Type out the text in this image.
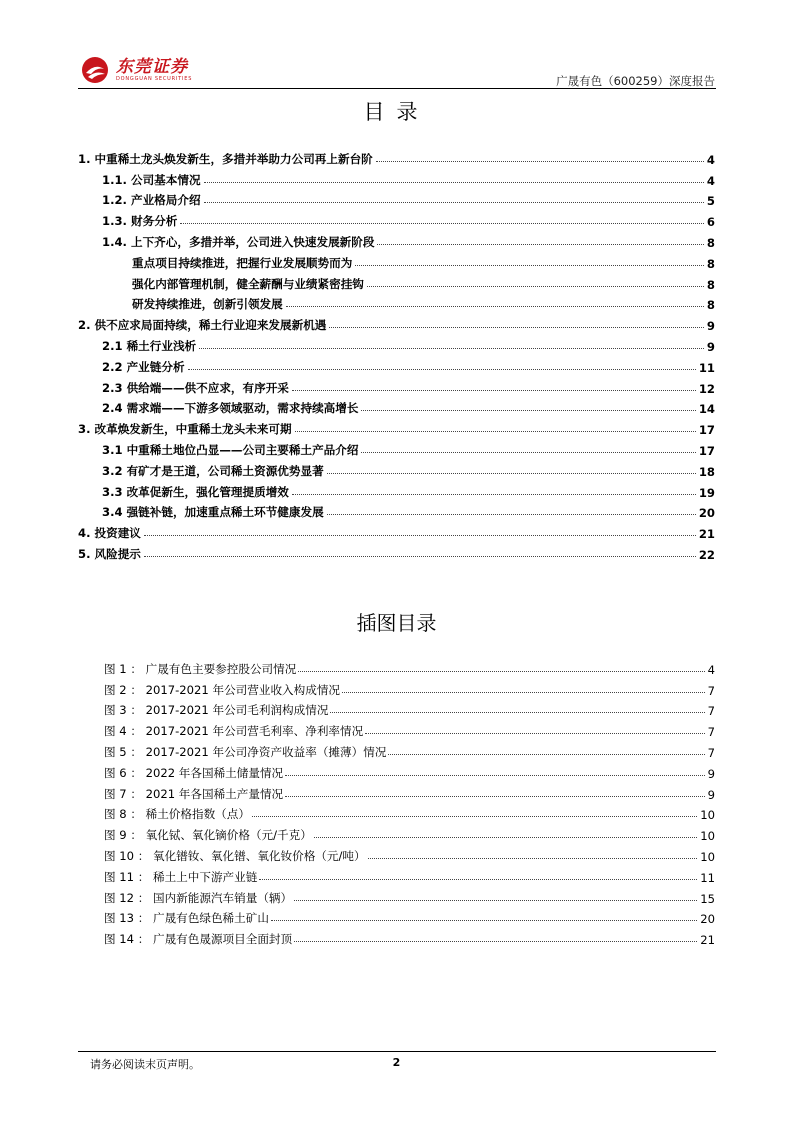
东莞证券
DONGGUAN SECURITIES	广晟有色（600259）深度报告
目录
1. 中重稀土龙头焕发新生，多措并举助力公司再上新台阶	4
1.1. 公司基本情况	4
1.2. 产业格局介绍	5
1.3. 财务分析	6
1.4. 上下齐心，多措并举，公司进入快速发展新阶段	8
重点项目持续推进，把握行业发展顺势而为	8
强化内部管理机制，健全薪酬与业绩紧密挂钩	8
研发持续推进，创新引领发展	8
2. 供不应求局面持续，稀土行业迎来发展新机遇	9
2.1 稀土行业浅析	9
2.2 产业链分析	11
2.3 供给端——供不应求，有序开采	12
2.4 需求端——下游多领域驱动，需求持续高增长	14
3. 改革焕发新生，中重稀土龙头未来可期	17
3.1 中重稀土地位凸显——公司主要稀土产品介绍	17
3.2 有矿才是王道，公司稀土资源优势显著	18
3.3 改革促新生，强化管理提质增效	19
3.4 强链补链，加速重点稀土环节健康发展	20
4. 投资建议	21
5. 风险提示	22
插图目录
图 1 ： 广晟有色主要参控股公司情况	4
图 2 ： 2017-2021 年公司营业收入构成情况	7
图 3 ： 2017-2021 年公司毛利润构成情况	7
图 4 ： 2017-2021 年公司营毛利率、净利率情况	7
图 5 ： 2017-2021 年公司净资产收益率（摊薄）情况	7
图 6 ： 2022 年各国稀土储量情况	9
图 7 ： 2021 年各国稀土产量情况	9
图 8 ： 稀土价格指数（点）	10
图 9 ： 氧化铽、氧化镝价格（元/千克）	10
图 10 ： 氧化镨钕、氧化镨、氧化钕价格（元/吨）	10
图 11 ： 稀土上中下游产业链	11
图 12 ： 国内新能源汽车销量（辆）	15
图 13 ： 广晟有色绿色稀土矿山	20
图 14 ： 广晟有色晟源项目全面封顶	21
请务必阅读末页声明。	2
